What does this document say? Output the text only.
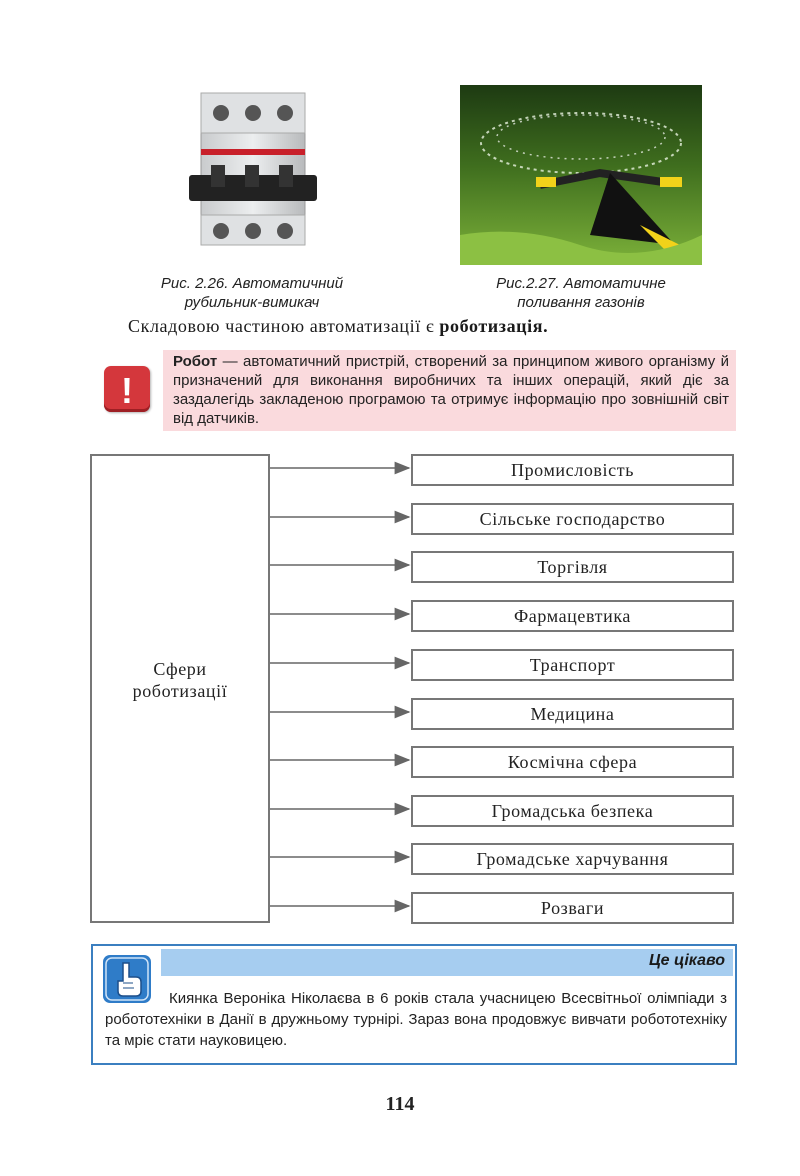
Рис. 2.26. Автоматичний
рубильник-вимикач
Рис.2.27. Автоматичне
поливання газонів
Складовою частиною автоматизації є роботизація.
!
Робот — автоматичний пристрій, створений за принципом живого організму й призначений для виконання виробничих та інших операцій, який діє за заздалегідь закладеною програмою та отримує інформацію про зовнішній світ від датчиків.
Сфери
роботизації
Промисловість
Сільське господарство
Торгівля
Фармацевтика
Транспорт
Медицина
Космічна сфера
Громадська безпека
Громадське харчування
Розваги
Це цікаво
Киянка Вероніка Ніколаєва в 6 років стала учасницею Всесвітньої олімпіади з робототехніки в Данії в дружньому турнірі. Зараз вона продовжує вивчати робототехніку та мріє стати науковицею.
114
